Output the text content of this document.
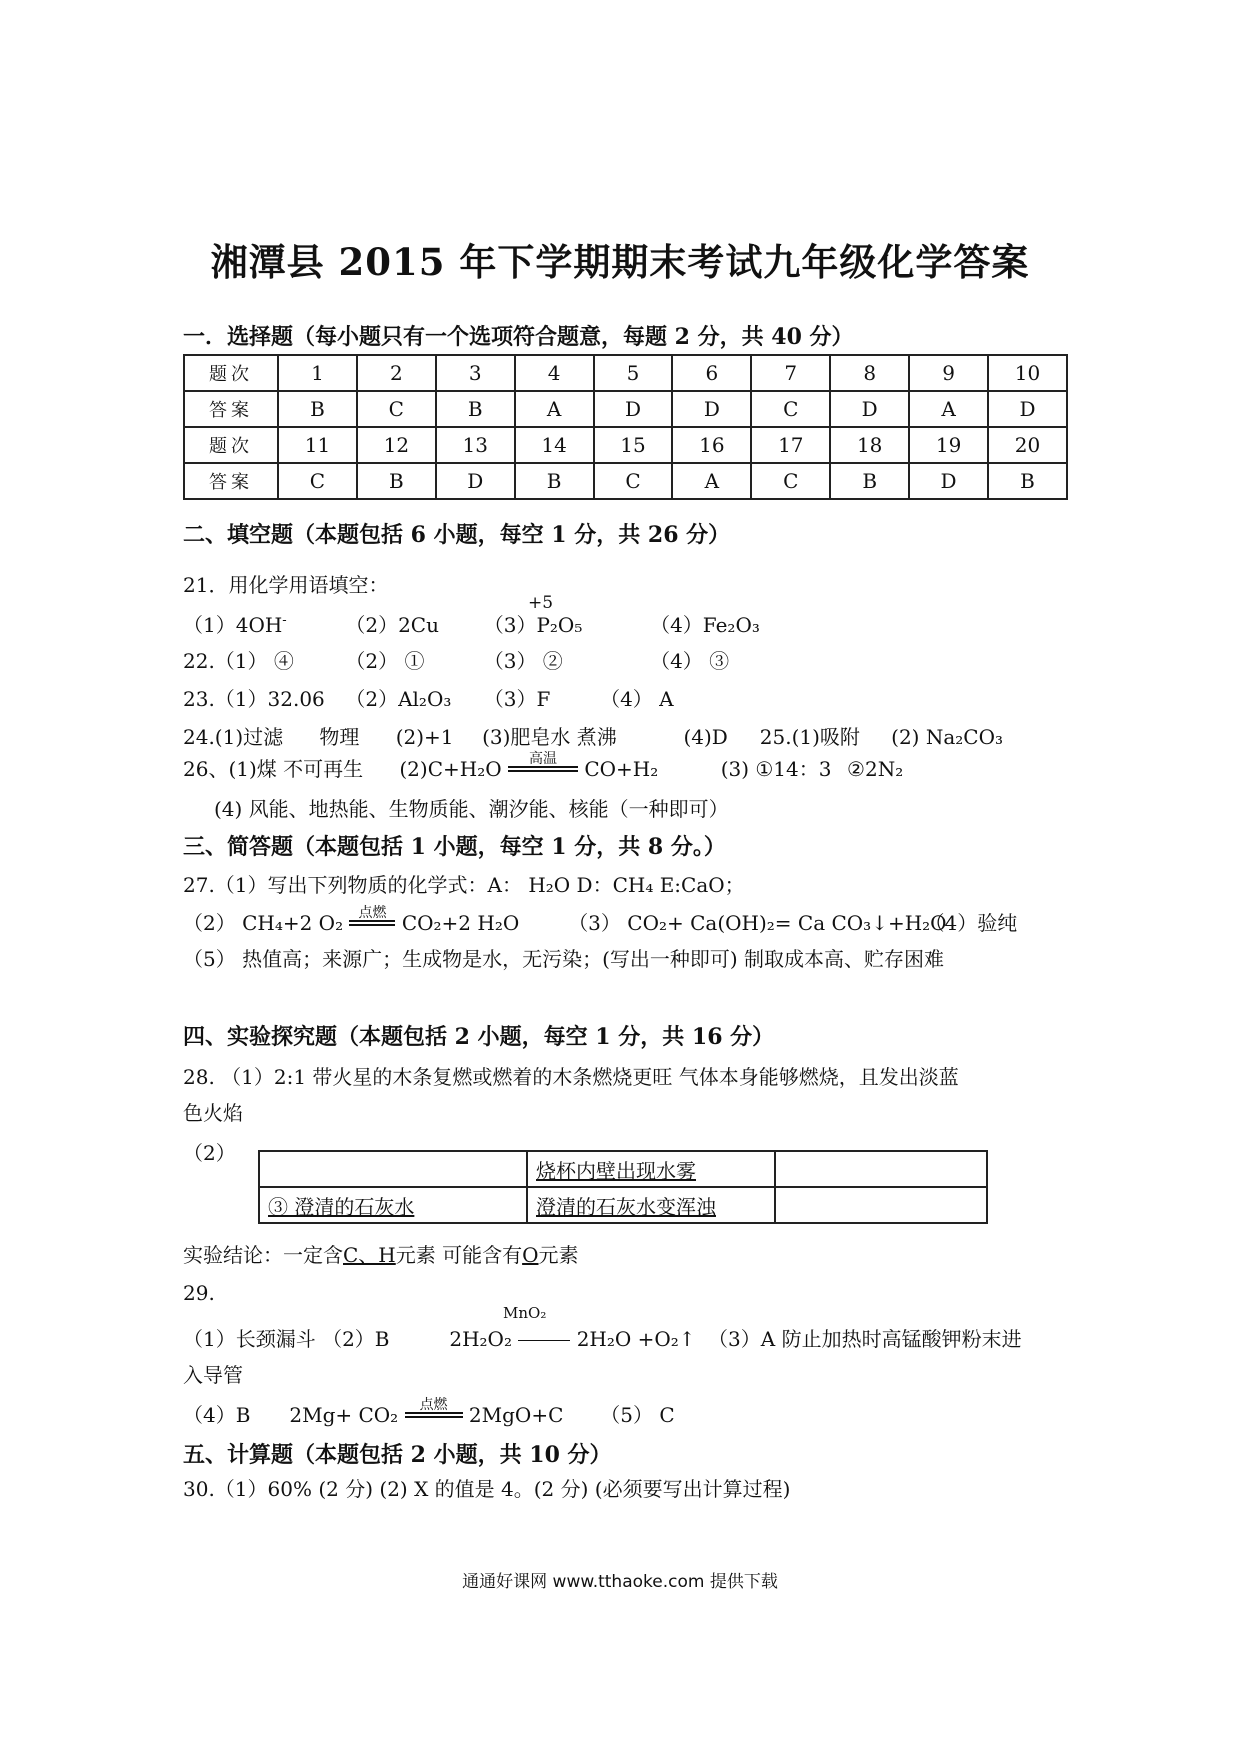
湘潭县 2015 年下学期期末考试九年级化学答案
一．选择题（每小题只有一个选项符合题意，每题 2 分，共 40 分）
题次	1	2	3	4	5	6	7	8	9	10
答案	B	C	B	A	D	D	C	D	A	D
题次	11	12	13	14	15	16	17	18	19	20
答案	C	B	D	B	C	A	C	B	D	B
二、填空题（本题包括 6 小题，每空 1 分，共 26 分）
21．用化学用语填空：
+5
（1）4OH-	（2）2Cu （3）P₂O₅	（4）Fe₂O₃
22.（1） ④	（2） ①	（3） ②	（4） ③
23.（1）32.06 （2）Al₂O₃ （3）F （4） A
24.(1)过滤 物理 (2)+1 (3)肥皂水 煮沸	(4)D 25.(1)吸附 (2) Na₂CO₃
26、(1)煤 不可再生 (2)C+H₂O	高温	CO+H₂	(3) ①14：3 ②2N₂
(4) 风能、地热能、生物质能、潮汐能、核能（一种即可）
三、简答题（本题包括 1 小题，每空 1 分，共 8 分。）
27.（1）写出下列物质的化学式：A： H₂O D：CH₄ E:CaO；
（2） CH₄+2 O₂	点燃 CO₂+2 H₂O （3） CO₂+ Ca(OH)₂= Ca CO₃↓+H₂O （4）验纯
（5） 热值高；来源广；生成物是水，无污染；(写出一种即可) 制取成本高、贮存困难
四、实验探究题（本题包括 2 小题，每空 1 分，共 16 分）
28. （1）2:1 带火星的木条复燃或燃着的木条燃烧更旺 气体本身能够燃烧，且发出淡蓝
色火焰
（2）
	烧杯内壁出现水雾	
③ 澄清的石灰水	澄清的石灰水变浑浊	
实验结论：一定含C、H元素 可能含有O元素
29.
MnO₂
（1）长颈漏斗 （2）B	2H₂O₂	2H₂O +O₂↑ （3）A 防止加热时高锰酸钾粉末进
入导管
（4）B 2Mg+ CO₂	点燃	2MgO+C （5） C
五、计算题（本题包括 2 小题，共 10 分）
30.（1）60% (2 分) (2) X 的值是 4。(2 分) (必须要写出计算过程)
通通好课网 www.tthaoke.com 提供下载
